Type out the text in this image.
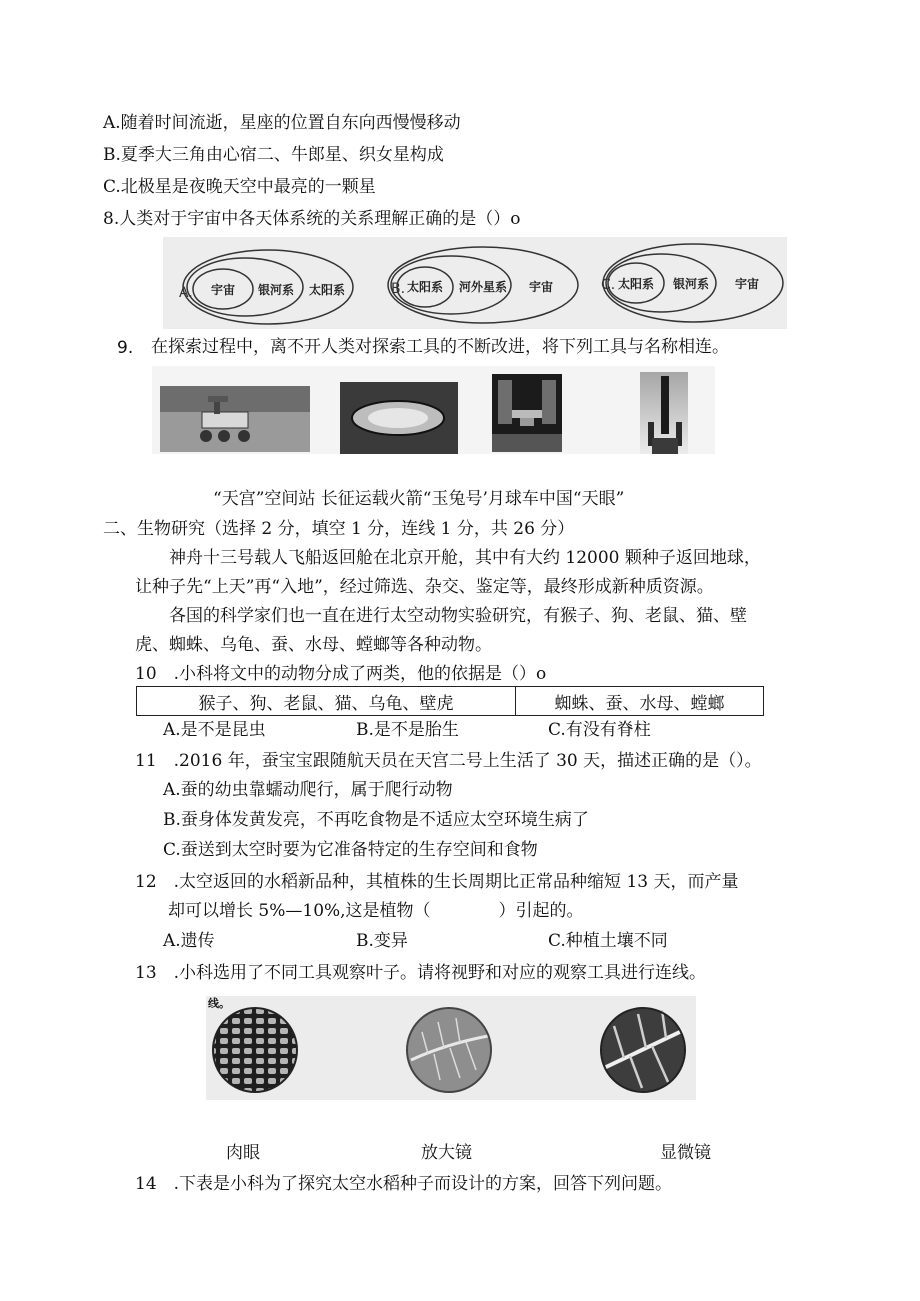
A.随着时间流逝，星座的位置自东向西慢慢移动
B.夏季大三角由心宿二、牛郎星、织女星构成
C.北极星是夜晚天空中最亮的一颗星
8.人类对于宇宙中各天体系统的关系理解正确的是（）o
A. 宇宙 银河系 太阳系	B. 太阳系 河外星系 宇宙	C. 太阳系 银河系 宇宙
9. 在探索过程中，离不开人类对探索工具的不断改进，将下列工具与名称相连。
“天宫”空间站 长征运载火箭“玉兔号’月球车中国“天眼”
二、生物研究（选择 2 分，填空 1 分，连线 1 分，共 26 分）
神舟十三号载人飞船返回舱在北京开舱，其中有大约 12000 颗种子返回地球，
让种子先“上天”再“入地”，经过筛选、杂交、鉴定等，最终形成新种质资源。
各国的科学家们也一直在进行太空动物实验研究，有猴子、狗、老鼠、猫、壁
虎、蜘蛛、乌龟、蚕、水母、螳螂等各种动物。
10　.小科将文中的动物分成了两类，他的依据是（）o
猴子、狗、老鼠、猫、乌龟、壁虎	蜘蛛、蚕、水母、螳螂
A.是不是昆虫	B.是不是胎生	C.有没有脊柱
11　.2016 年，蚕宝宝跟随航天员在天宫二号上生活了 30 天，描述正确的是（）。
A.蚕的幼虫靠蠕动爬行，属于爬行动物
B.蚕身体发黄发亮，不再吃食物是不适应太空环境生病了
C.蚕送到太空时要为它准备特定的生存空间和食物
12　.太空返回的水稻新品种，其植株的生长周期比正常品种缩短 13 天，而产量
却可以增长 5%—10%,这是植物（　　　　）引起的。
A.遗传	B.变异	C.种植土壤不同
13　.小科选用了不同工具观察叶子。请将视野和对应的观察工具进行连线。
线。
肉眼	放大镜	显微镜
14　.下表是小科为了探究太空水稻种子而设计的方案，回答下列问题。
